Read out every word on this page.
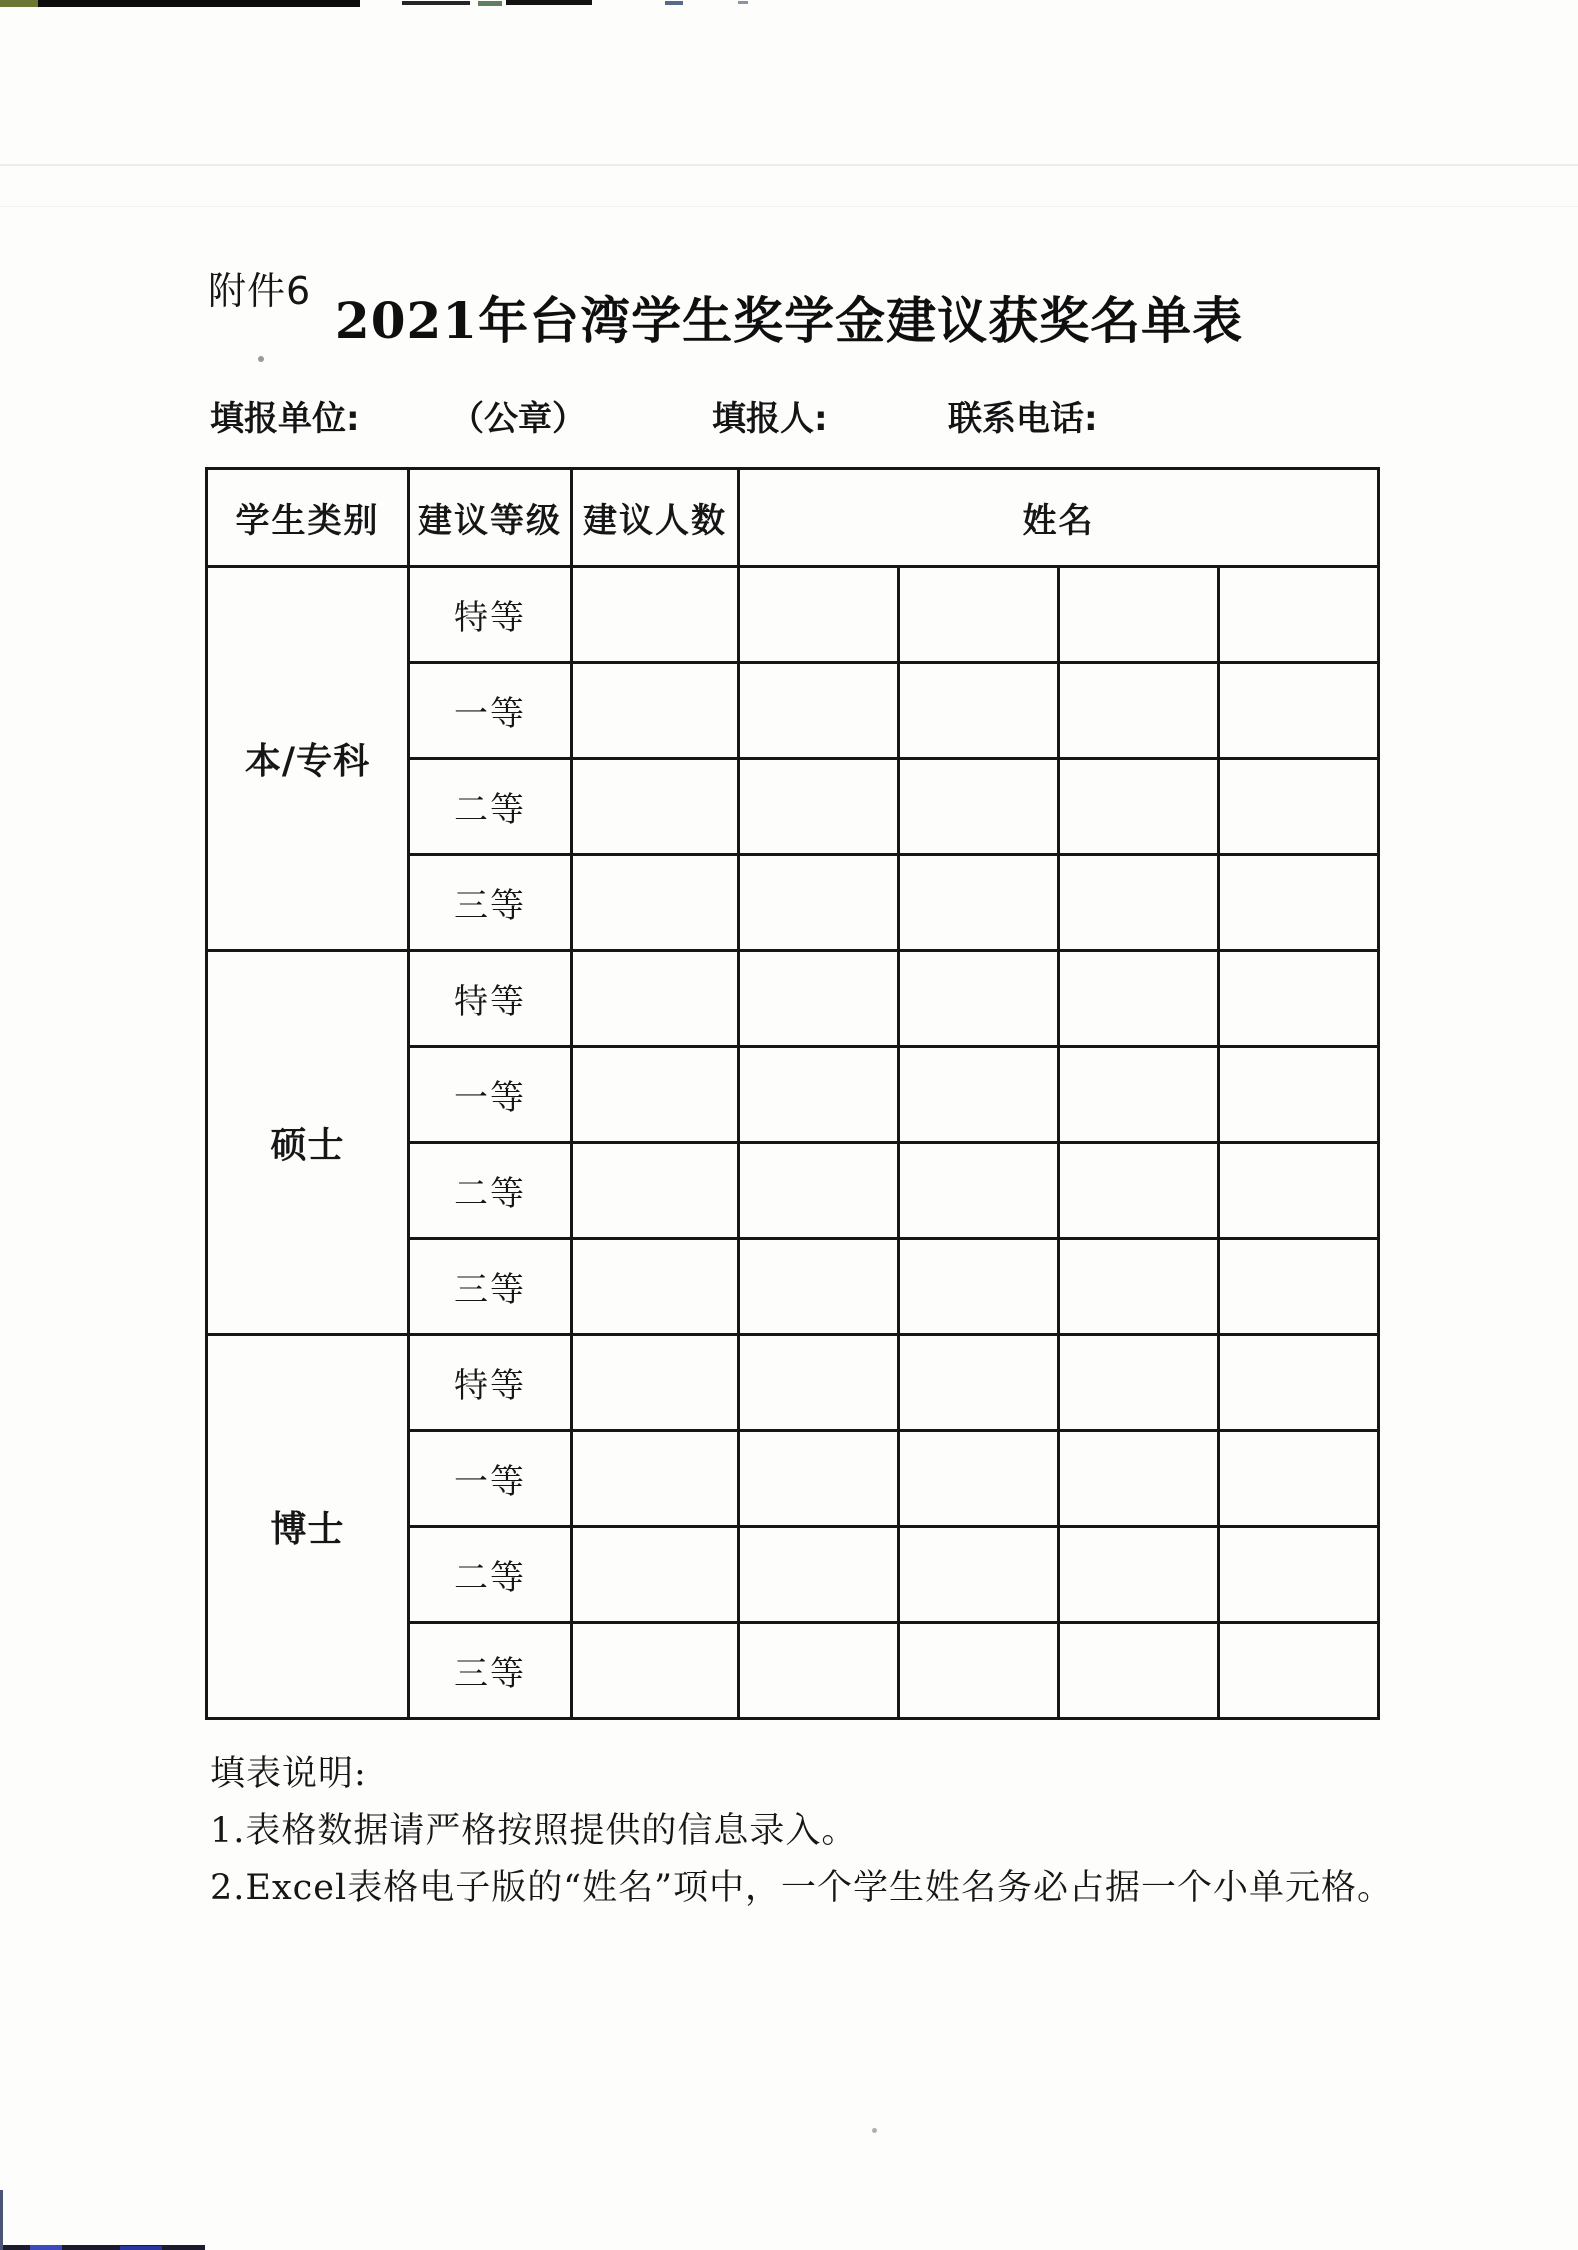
附件6 2021年台湾学生奖学金建议获奖名单表
填报单位:	（公章）	填报人:	联系电话:
学生类别	建议等级	建议人数	姓名			
本/专科	特等					
	一等					
	二等					
	三等					
硕士	特等					
	一等					
	二等					
	三等					
博士	特等					
	一等					
	二等					
	三等					
填表说明:
1.表格数据请严格按照提供的信息录入。
2.Excel表格电子版的“姓名”项中，一个学生姓名务必占据一个小单元格。
